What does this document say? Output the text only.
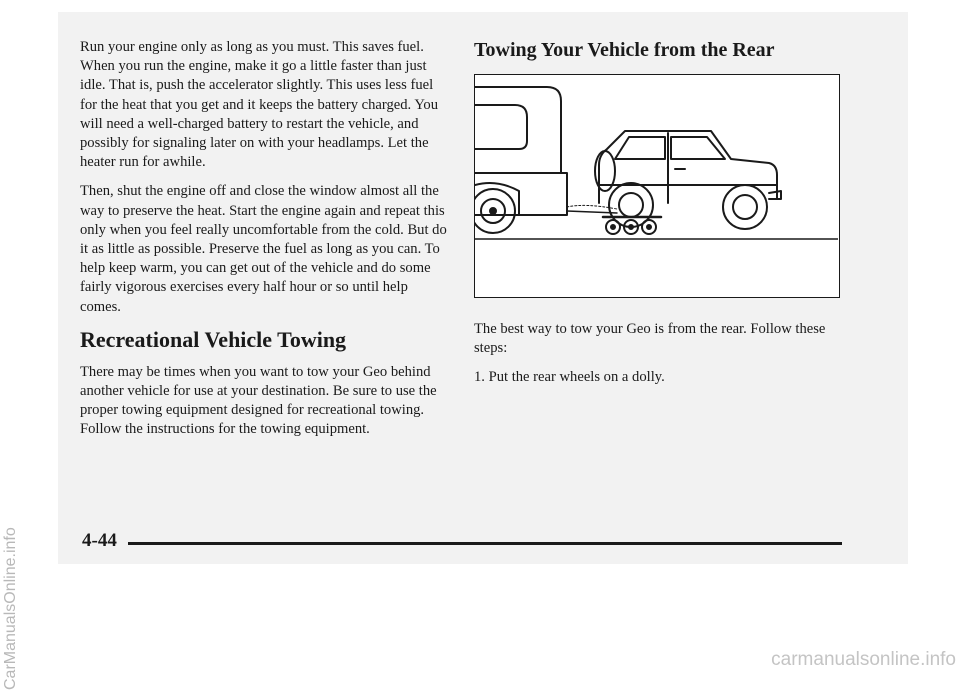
Run your engine only as long as you must. This saves fuel. When you run the engine, make it go a little faster than just idle. That is, push the accelerator slightly. This uses less fuel for the heat that you get and it keeps the battery charged. You will need a well-charged battery to restart the vehicle, and possibly for signaling later on with your headlamps. Let the heater run for awhile.

Then, shut the engine off and close the window almost all the way to preserve the heat. Start the engine again and repeat this only when you feel really uncomfortable from the cold. But do it as little as possible. Preserve the fuel as long as you can. To help keep warm, you can get out of the vehicle and do some fairly vigorous exercises every half hour or so until help comes.

Recreational Vehicle Towing

There may be times when you want to tow your Geo behind another vehicle for use at your destination. Be sure to use the proper towing equipment designed for recreational towing. Follow the instructions for the towing equipment.

Towing Your Vehicle from the Rear

The best way to tow your Geo is from the rear. Follow these steps:

1. Put the rear wheels on a dolly.
4-44
CarManualsOnline.info	carmanualsonline.info
